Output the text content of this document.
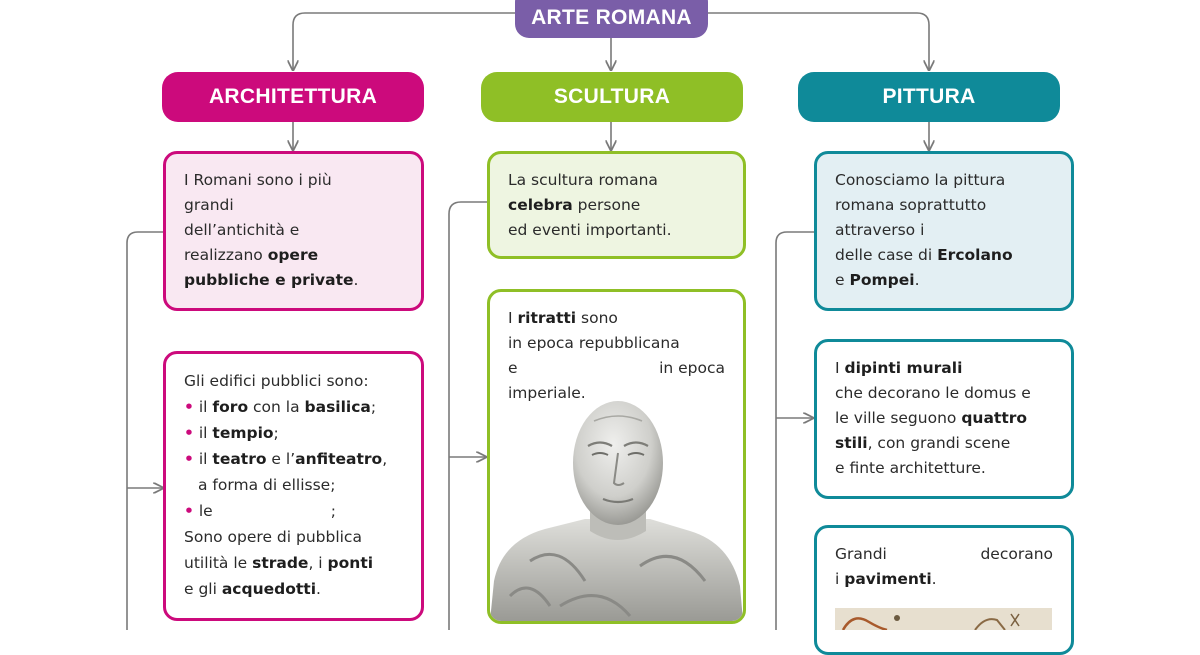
ARTE ROMANA
ARCHITETTURA	SCULTURA	PITTURA
I Romani sono i più
grandi
dell’antichità e
realizzano opere
pubbliche e private.
Gli edifici pubblici sono:
• il foro con la basilica;
• il tempio;
• il teatro e l’anfiteatro,
a forma di ellisse;
• le	;
Sono opere di pubblica
utilità le strade, i ponti
e gli acquedotti.
La scultura romana
celebra persone
ed eventi importanti.
I ritratti sono
in epoca repubblicana
e	in epoca
imperiale.
Conosciamo la pittura
romana soprattutto
attraverso i
delle case di Ercolano
e Pompei.
I dipinti murali
che decorano le domus e
le ville seguono quattro
stili, con grandi scene
e finte architetture.
Grandi	decorano
i pavimenti.
